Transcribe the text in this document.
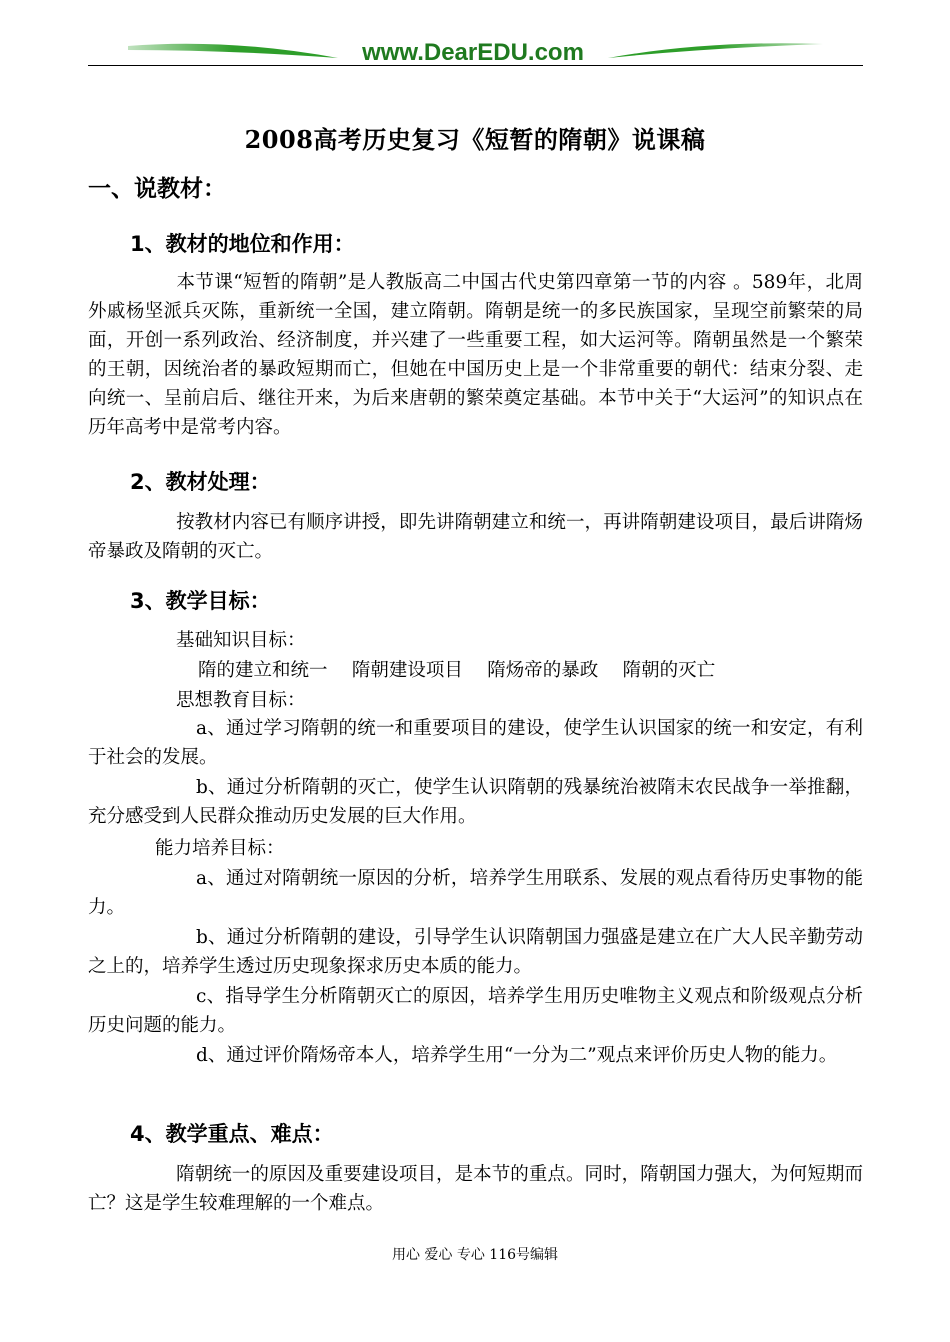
www.DearEDU.com
2008高考历史复习《短暂的隋朝》说课稿
一、说教材：
1、教材的地位和作用：
本节课“短暂的隋朝”是人教版高二中国古代史第四章第一节的内容 。589年，北周外戚杨坚派兵灭陈，重新统一全国，建立隋朝。隋朝是统一的多民族国家，呈现空前繁荣的局面，开创一系列政治、经济制度，并兴建了一些重要工程，如大运河等。隋朝虽然是一个繁荣的王朝，因统治者的暴政短期而亡，但她在中国历史上是一个非常重要的朝代：结束分裂、走向统一、呈前启后、继往开来，为后来唐朝的繁荣奠定基础。本节中关于“大运河”的知识点在历年高考中是常考内容。
2、教材处理：
按教材内容已有顺序讲授，即先讲隋朝建立和统一，再讲隋朝建设项目，最后讲隋炀帝暴政及隋朝的灭亡。
3、教学目标：
基础知识目标：
隋的建立和统一　 隋朝建设项目　 隋炀帝的暴政　 隋朝的灭亡
思想教育目标：
a、通过学习隋朝的统一和重要项目的建设，使学生认识国家的统一和安定，有利于社会的发展。
b、通过分析隋朝的灭亡，使学生认识隋朝的残暴统治被隋末农民战争一举推翻，充分感受到人民群众推动历史发展的巨大作用。
能力培养目标：
a、通过对隋朝统一原因的分析，培养学生用联系、发展的观点看待历史事物的能力。
b、通过分析隋朝的建设，引导学生认识隋朝国力强盛是建立在广大人民辛勤劳动之上的，培养学生透过历史现象探求历史本质的能力。
c、指导学生分析隋朝灭亡的原因，培养学生用历史唯物主义观点和阶级观点分析历史问题的能力。
d、通过评价隋炀帝本人，培养学生用“一分为二”观点来评价历史人物的能力。
4、教学重点、难点：
隋朝统一的原因及重要建设项目，是本节的重点。同时，隋朝国力强大，为何短期而亡？这是学生较难理解的一个难点。
用心 爱心 专心 116号编辑
